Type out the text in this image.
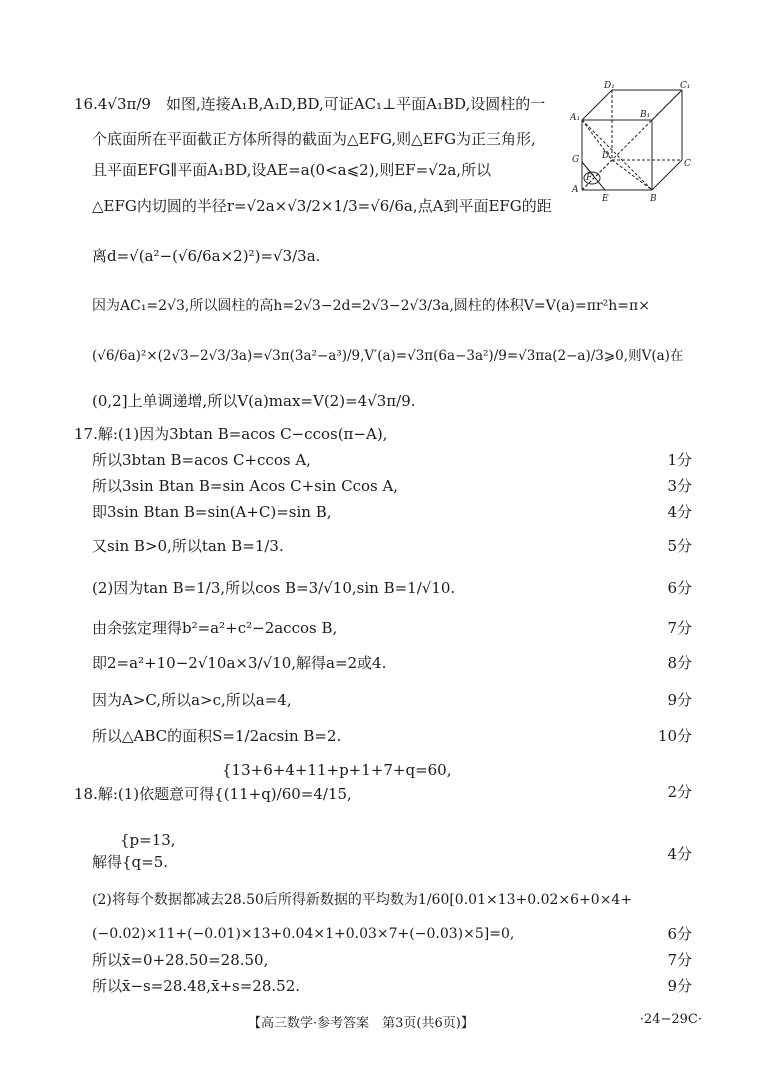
16.4√3π/9　如图,连接A₁B,A₁D,BD,可证AC₁⊥平面A₁BD,设圆柱的一
个底面所在平面截正方体所得的截面为△EFG,则△EFG为正三角形,
且平面EFG∥平面A₁BD,设AE=a(0<a⩽2),则EF=√2a,所以
△EFG内切圆的半径r=√2a×√3/2×1/3=√6/6a,点A到平面EFG的距
离d=√(a²−(√6/6a×2)²)=√3/3a.
因为AC₁=2√3,所以圆柱的高h=2√3−2d=2√3−2√3/3a,圆柱的体积V=V(a)=πr²h=π×
(√6/6a)²×(2√3−2√3/3a)=√3π(3a²−a³)/9,V′(a)=√3π(6a−3a²)/9=√3πa(2−a)/3⩾0,则V(a)在
(0,2]上单调递增,所以V(a)max=V(2)=4√3π/9.
D₁	C₁
B₁
A₁
D
C
G
F
A
E	B
17.解:(1)因为3btan B=acos C−ccos(π−A),
所以3btan B=acos C+ccos A,	1分
所以3sin Btan B=sin Acos C+sin Ccos A,	3分
即3sin Btan B=sin(A+C)=sin B,	4分
又sin B>0,所以tan B=1/3.	5分
(2)因为tan B=1/3,所以cos B=3/√10,sin B=1/√10.	6分
由余弦定理得b²=a²+c²−2accos B,	7分
即2=a²+10−2√10a×3/√10,解得a=2或4.	8分
因为A>C,所以a>c,所以a=4,	9分
所以△ABC的面积S=1/2acsin B=2.	10分
{13+6+4+11+p+1+7+q=60,
18.解:(1)依题意可得{(11+q)/60=4/15,	2分
{p=13,
解得{q=5.	4分
(2)将每个数据都减去28.50后所得新数据的平均数为1/60[0.01×13+0.02×6+0×4+
(−0.02)×11+(−0.01)×13+0.04×1+0.03×7+(−0.03)×5]=0,	6分
所以x̄=0+28.50=28.50,	7分
所以x̄−s=28.48,x̄+s=28.52.	9分
【高三数学·参考答案　第3页(共6页)】	·24−29C·
